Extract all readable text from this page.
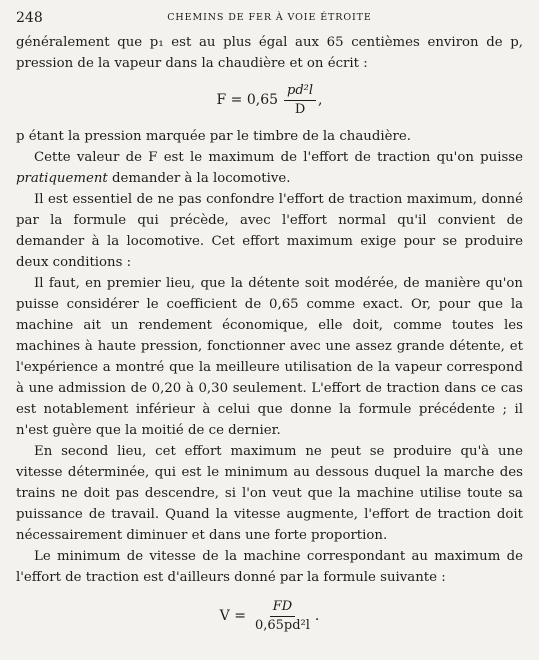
248	CHEMINS DE FER À VOIE ÉTROITE

généralement que p₁ est au plus égal aux 65 centièmes environ de p, pression de la vapeur dans la chaudière et on écrit :

$F = 0,65 \frac{\text{pd²l}}{D}$ ,

p étant la pression marquée par le timbre de la chaudière.

Cette valeur de F est le maximum de l'effort de traction qu'on puisse pratiquement demander à la locomotive.

Il est essentiel de ne pas confondre l'effort de traction maximum, donné par la formule qui précède, avec l'effort normal qu'il convient de demander à la locomotive. Cet effort maximum exige pour se produire deux conditions :

Il faut, en premier lieu, que la détente soit modérée, de manière qu'on puisse considérer le coefficient de 0,65 comme exact. Or, pour que la machine ait un rendement économique, elle doit, comme toutes les machines à haute pression, fonctionner avec une assez grande détente, et l'expérience a montré que la meilleure utilisation de la vapeur correspond à une admission de 0,20 à 0,30 seulement. L'effort de traction dans ce cas est notablement inférieur à celui que donne la formule précédente ; il n'est guère que la moitié de ce dernier.

En second lieu, cet effort maximum ne peut se produire qu'à une vitesse déterminée, qui est le minimum au dessous duquel la marche des trains ne doit pas descendre, si l'on veut que la machine utilise toute sa puissance de travail. Quand la vitesse augmente, l'effort de traction doit nécessairement diminuer et dans une forte proportion.

Le minimum de vitesse de la machine correspondant au maximum de l'effort de traction est d'ailleurs donné par la formule suivante :

$V = \frac{FD}{\text{0,65pd²l}}$ .
